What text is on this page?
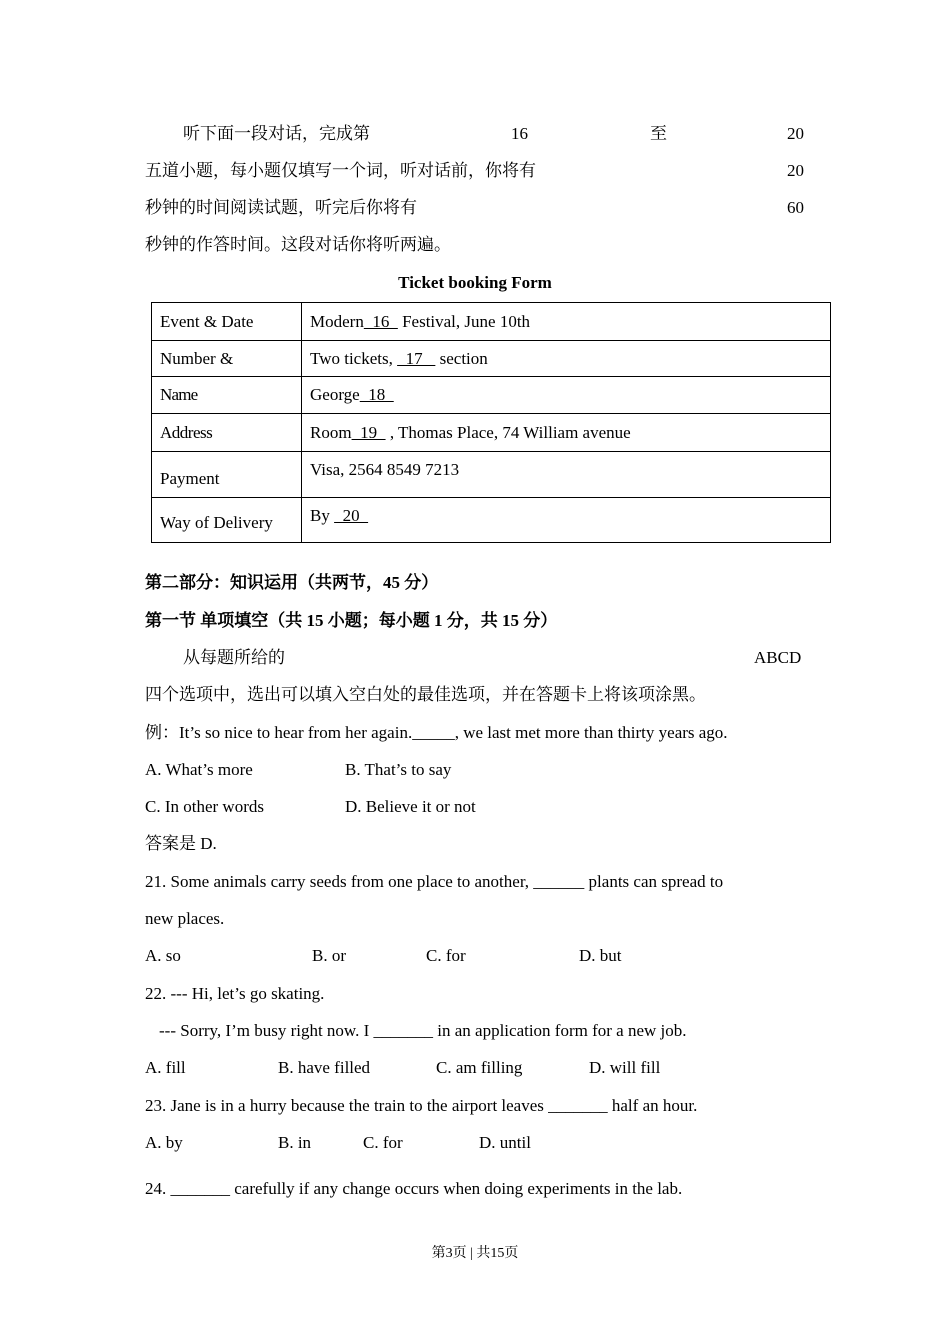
听下面一段对话，完成第	16	至	20
五道小题，每小题仅填写一个词，听对话前，你将有	20
秒钟的时间阅读试题，听完后你将有	60
秒钟的作答时间。这段对话你将听两遍。
Ticket booking Form
Event & Date	Modern  16   Festival, June 10th
Number &	Two tickets,   17    section
Name	George  18
Address	Room  19   , Thomas Place, 74 William avenue
Payment	Visa, 2564 8549 7213
Way of Delivery	By   20
第二部分：知识运用（共两节，45 分）
第一节 单项填空（共 15 小题；每小题 1 分，共 15 分）
从每题所给的	ABCD
四个选项中，选出可以填入空白处的最佳选项，并在答题卡上将该项涂黑。
例：It’s so nice to hear from her again._____, we last met more than thirty years ago.
A. What’s more	B. That’s to say
C. In other words	D. Believe it or not
答案是 D.
21. Some animals carry seeds from one place to another, ______ plants can spread to
new places.
A. so	B. or	C. for	D. but
22. --- Hi, let’s go skating.
--- Sorry, I’m busy right now. I _______ in an application form for a new job.
A. fill	B. have filled	C. am filling	D. will fill
23. Jane is in a hurry because the train to the airport leaves _______ half an hour.
A. by	B. in	C. for	D. until
24. _______ carefully if any change occurs when doing experiments in the lab.
第3页 | 共15页
